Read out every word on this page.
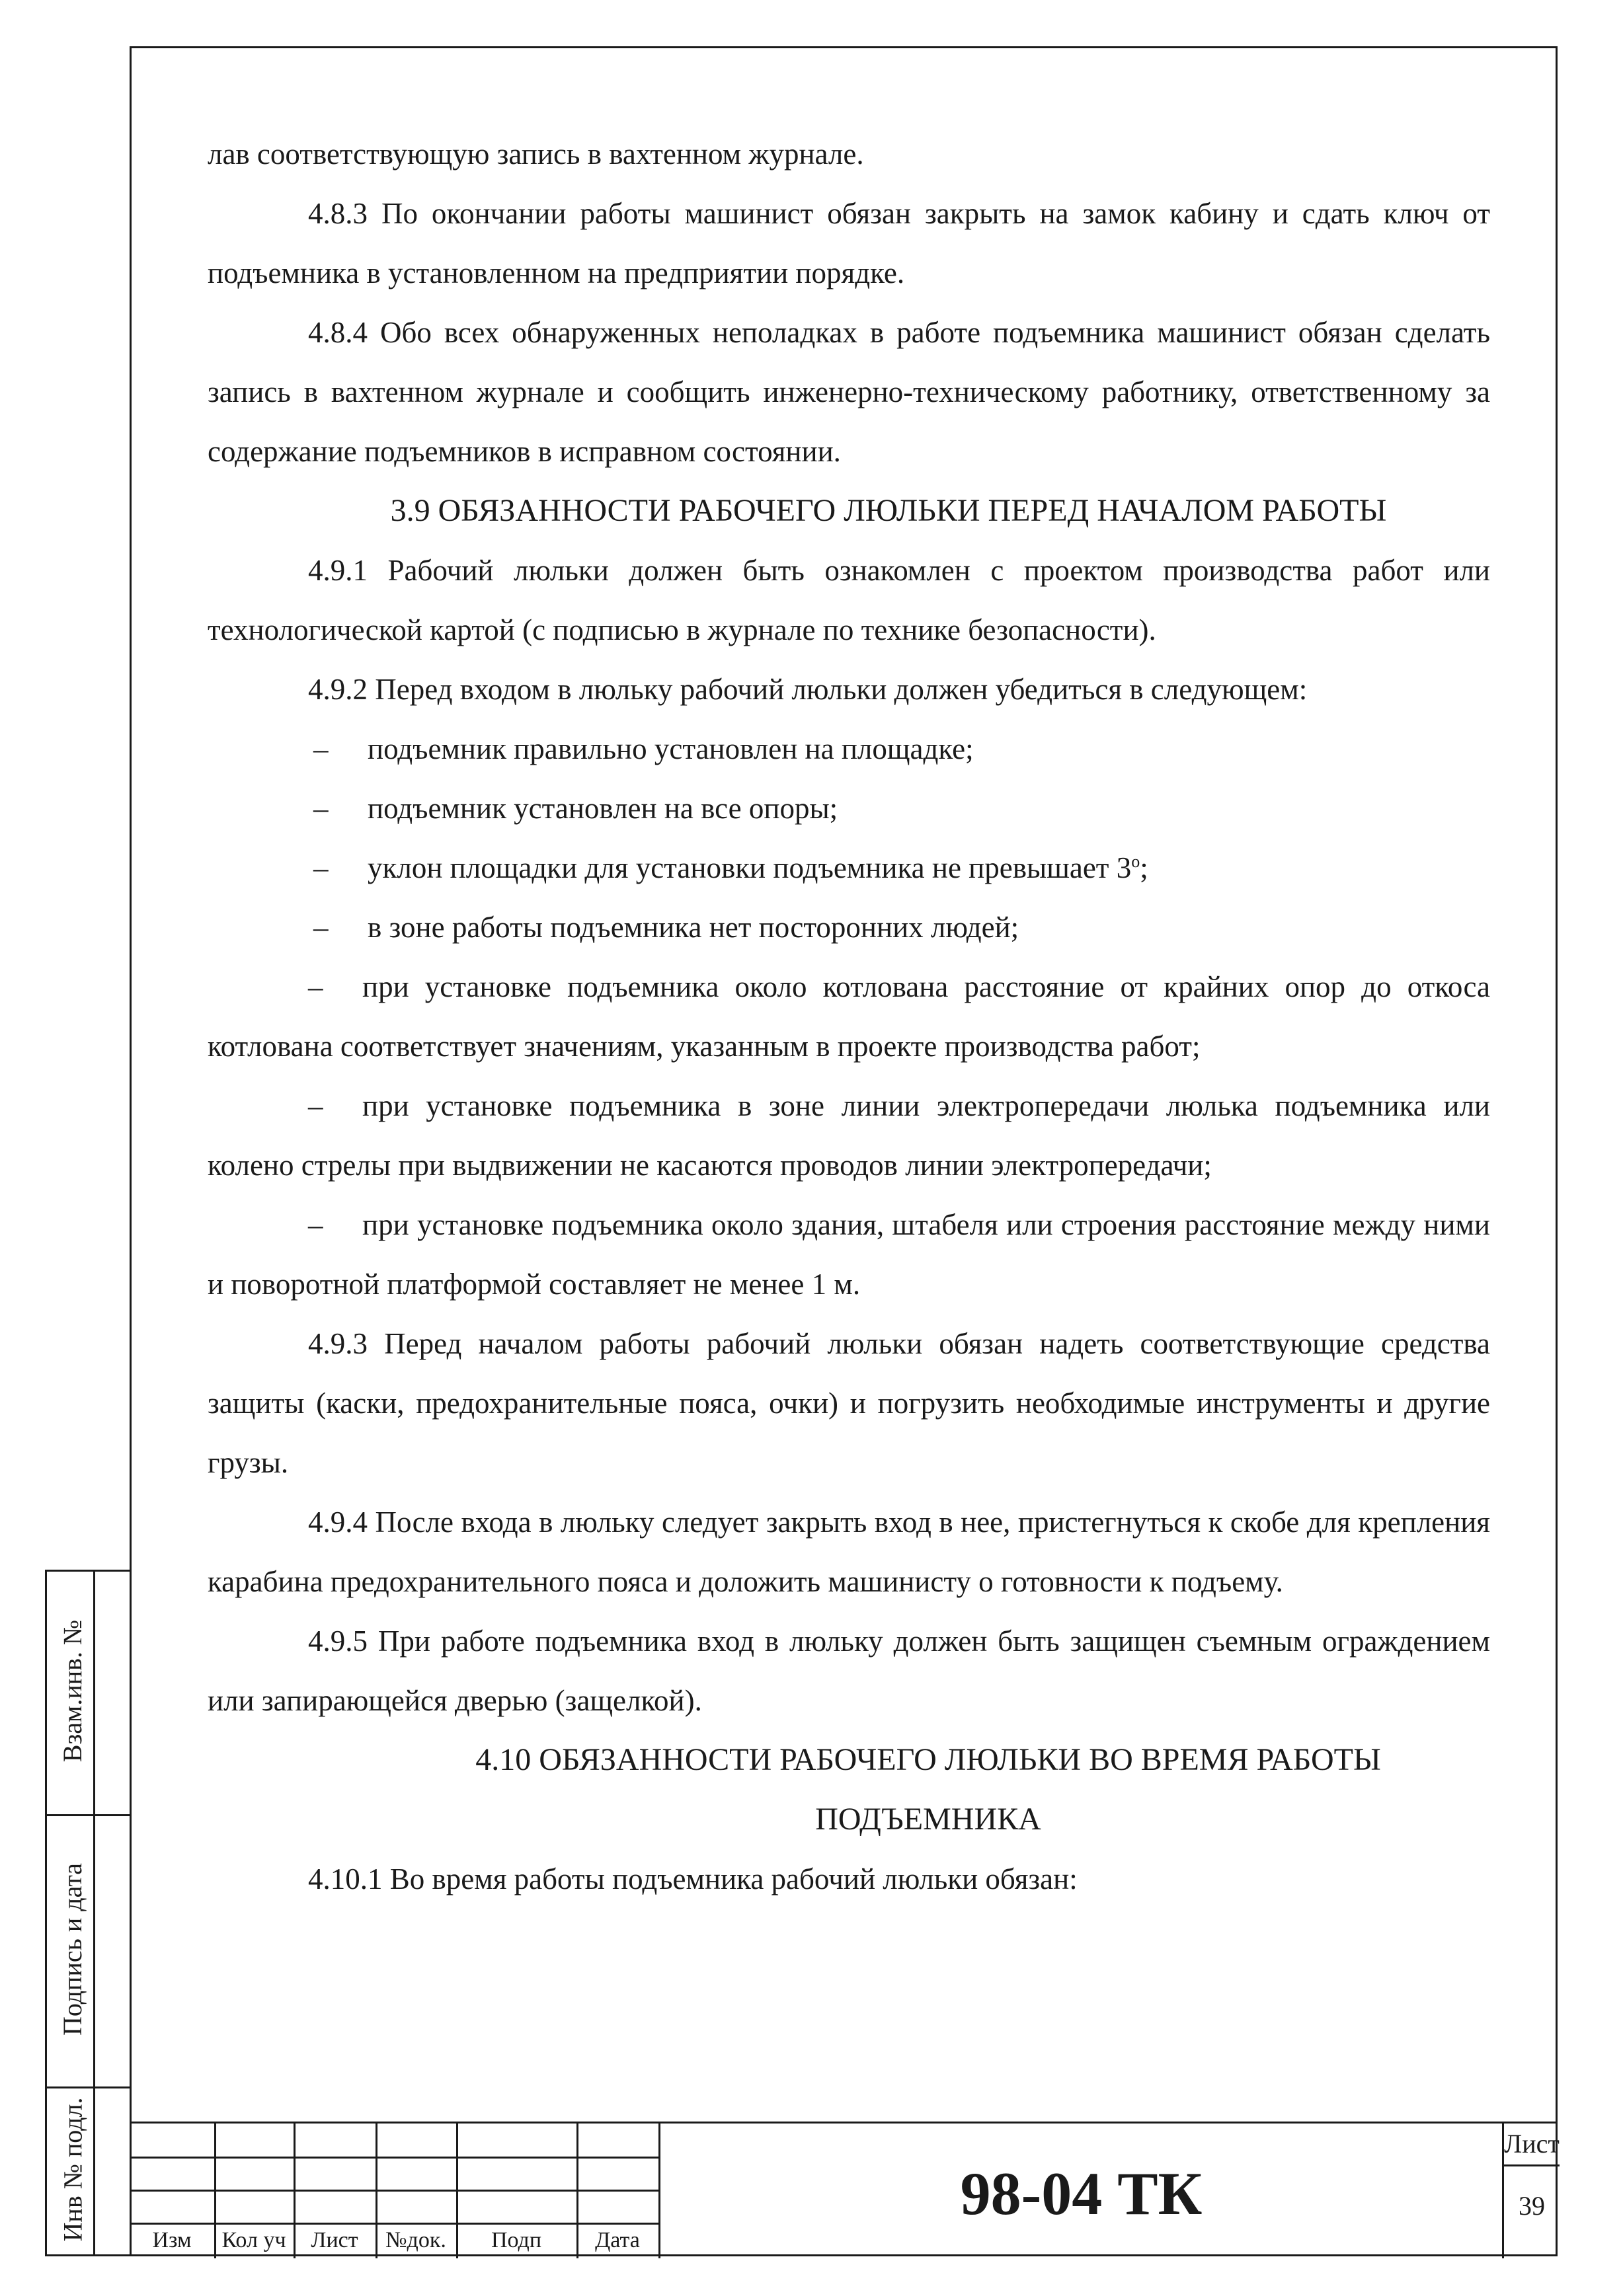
Взам.инв. №
Подпись и дата
Инв № подл.

лав соответствующую запись в вахтенном журнале.

4.8.3 По окончании работы машинист обязан закрыть на замок кабину и сдать ключ от подъемника в установленном на предприятии порядке.

4.8.4 Обо всех обнаруженных неполадках в работе подъемника машинист обязан сделать запись в вахтенном журнале и сообщить инженерно-техническому работнику, ответственному за содержание подъемников в исправном состоянии.

3.9 ОБЯЗАННОСТИ РАБОЧЕГО ЛЮЛЬКИ ПЕРЕД НАЧАЛОМ РАБОТЫ

4.9.1 Рабочий люльки должен быть ознакомлен с проектом производства работ или технологической картой (с подписью в журнале по технике безопасности).

4.9.2 Перед входом в люльку рабочий люльки должен убедиться в следующем:

– подъемник правильно установлен на площадке;
– подъемник установлен на все опоры;
– уклон площадки для установки подъемника не превышает 3$^o$;
– в зоне работы подъемника нет посторонних людей;

– при установке подъемника около котлована расстояние от крайних опор до откоса котлована соответствует значениям, указанным в проекте производства работ;

– при установке подъемника в зоне линии электропередачи люлька подъемника или колено стрелы при выдвижении не касаются проводов линии электропередачи;

– при установке подъемника около здания, штабеля или строения расстояние между ними и поворотной платформой составляет не менее 1 м.

4.9.3 Перед началом работы рабочий люльки обязан надеть соответствующие средства защиты (каски, предохранительные пояса, очки) и погрузить необходимые инструменты и другие грузы.

4.9.4 После входа в люльку следует закрыть вход в нее, пристегнуться к скобе для крепления карабина предохранительного пояса и доложить машинисту о готовности к подъему.

4.9.5 При работе подъемника вход в люльку должен быть защищен съемным ограждением или запирающейся дверью (защелкой).

4.10 ОБЯЗАННОСТИ РАБОЧЕГО ЛЮЛЬКИ ВО ВРЕМЯ РАБОТЫ
ПОДЪЕМНИКА

4.10.1 Во время работы подъемника рабочий люльки обязан:

Изм	Кол уч	Лист	№док.	Подп	Дата
98-04 ТК
Лист
39
